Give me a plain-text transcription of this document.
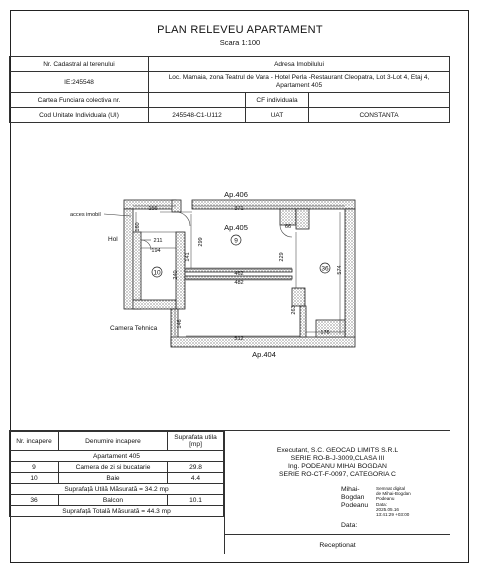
PLAN RELEVEU APARTAMENT
Scara 1:100
Nr. Cadastral al terenului	Adresa Imobilului		
IE:245548	Loc. Mamaia, zona Teatrul de Vara - Hotel Perla -Restaurant Cleopatra, Lot 3-Lot 4, Etaj 4,
Apartament 405		
Cartea Funciara colectiva nr.		CF individuala	
Cod Unitate Individuala (UI)	245548-C1-U112	UAT	CONSTANTA
156	371
66
211
194
462
482
512
176
160
299
141	229
240
574
146
263
9
10
36
Ap.406
Ap.405
Ap.404
acces imobil
Hol
Camera Tehnica
Nr. incapere	Denumire incapere	Suprafata utila [mp]
Apartament 405		
9	Camera de zi si bucatarie	29.8
10	Baie	4.4
Suprafață Utilă Măsurată = 34.2 mp		
36	Balcon	10.1
Suprafață Totală Măsurată = 44.3 mp		
Executant, S.C. GEOCAD LIMITS S.R.L
SERIE RO-B-J-3009,CLASA III
Ing. PODEANU MIHAI BOGDAN
SERIE RO-CT-F-0097, CATEGORIA C
Mihai-
Bogdan
Podeanu
Semnat digital
de Mihai-Bogdan
Podeanu
Data:
2025.05.16
13:41:29 +03:00
Data:
Receptionat
